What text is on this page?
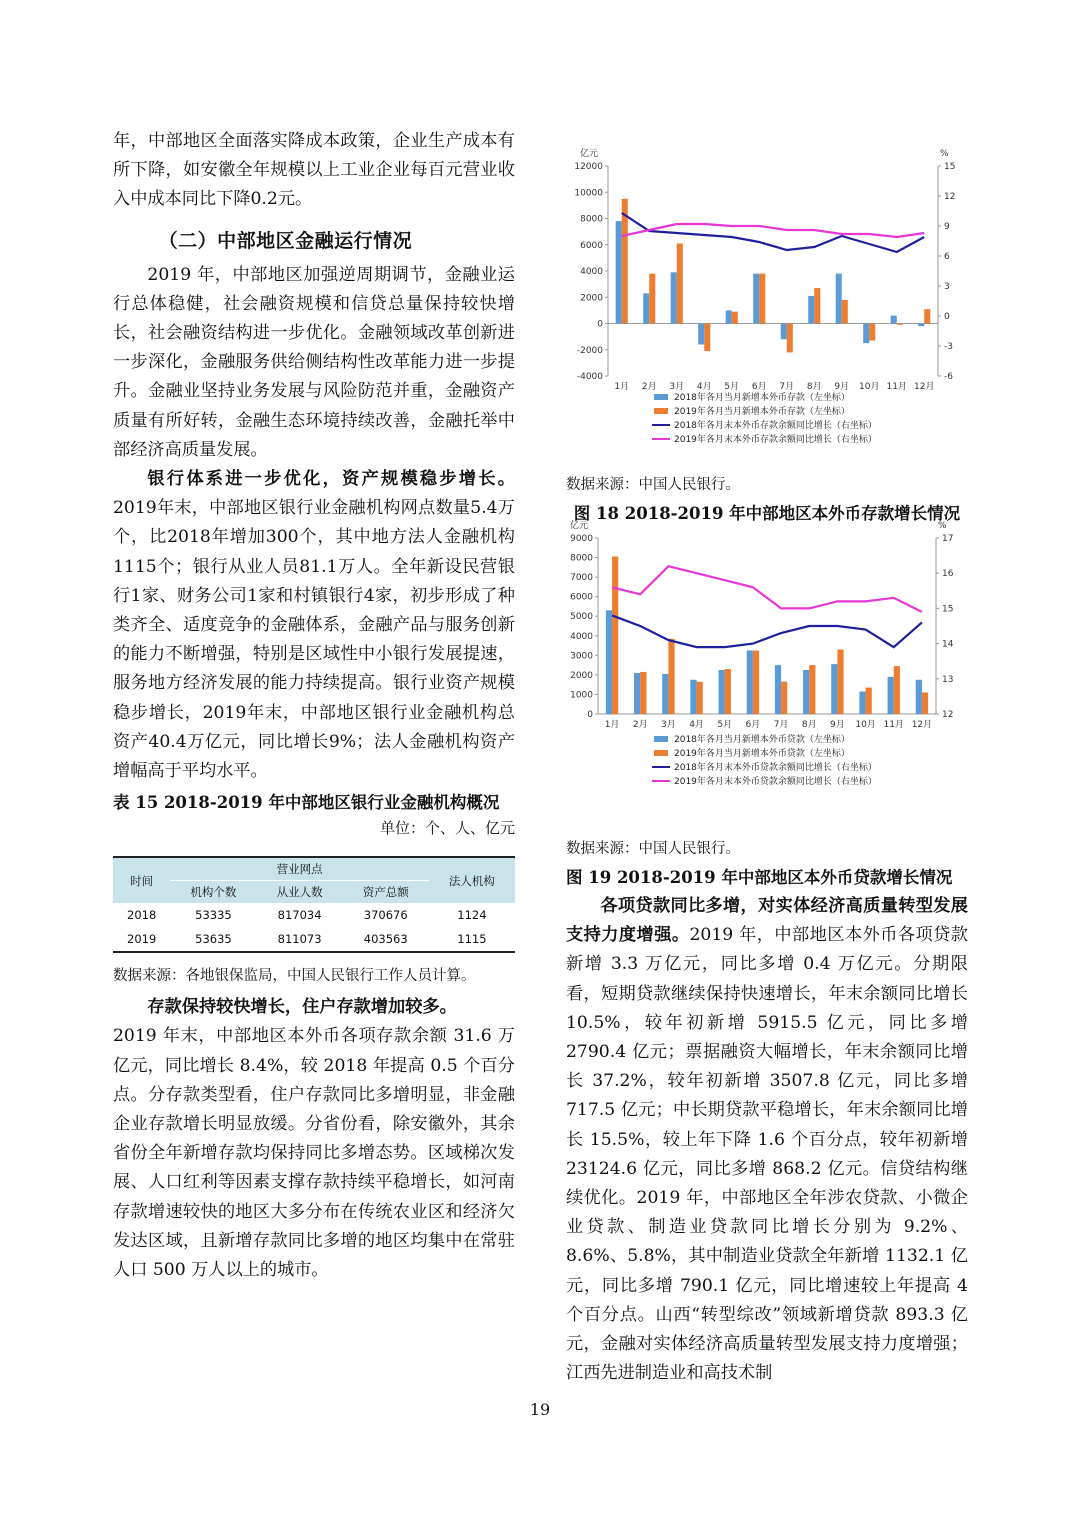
年，中部地区全面落实降成本政策，企业生产成本有所下降，如安徽全年规模以上工业企业每百元营业收入中成本同比下降0.2元。

（二）中部地区金融运行情况

2019 年，中部地区加强逆周期调节，金融业运行总体稳健，社会融资规模和信贷总量保持较快增长，社会融资结构进一步优化。金融领域改革创新进一步深化，金融服务供给侧结构性改革能力进一步提升。金融业坚持业务发展与风险防范并重，金融资产质量有所好转，金融生态环境持续改善，金融托举中部经济高质量发展。

银行体系进一步优化，资产规模稳步增长。2019年末，中部地区银行业金融机构网点数量5.4万个，比2018年增加300个，其中地方法人金融机构1115个；银行从业人员81.1万人。全年新设民营银行1家、财务公司1家和村镇银行4家，初步形成了种类齐全、适度竞争的金融体系，金融产品与服务创新的能力不断增强，特别是区域性中小银行发展提速，服务地方经济发展的能力持续提高。银行业资产规模稳步增长，2019年末，中部地区银行业金融机构总资产40.4万亿元，同比增长9%；法人金融机构资产增幅高于平均水平。

表 15 2018-2019 年中部地区银行业金融机构概况
单位：个、人、亿元
时间	营业网点			法人机构
	机构个数	从业人数	资产总额	
2018	53335	817034	370676	1124
2019	53635	811073	403563	1115
数据来源：各地银保监局，中国人民银行工作人员计算。

存款保持较快增长，住户存款增加较多。
2019 年末，中部地区本外币各项存款余额 31.6 万亿元，同比增长 8.4%，较 2018 年提高 0.5 个百分点。分存款类型看，住户存款同比多增明显，非金融企业存款增长明显放缓。分省份看，除安徽外，其余省份全年新增存款均保持同比多增态势。区域梯次发展、人口红利等因素支撑存款持续平稳增长，如河南存款增速较快的地区大多分布在传统农业区和经济欠发达区域，且新增存款同比多增的地区均集中在常驻人口 500 万人以上的城市。

亿元	%
-4000
-2000
0
2000
4000
6000
8000
10000
12000
-6
-3
0
3
6
9
12
15
1月 2月 3月 4月 5月 6月 7月 8月 9月 10月 11月 12月
2018年各月当月新增本外币存款（左坐标）
2019年各月当月新增本外币存款（左坐标）
2018年各月末本外币存款余额同比增长（右坐标）
2019年各月末本外币存款余额同比增长（右坐标）
数据来源：中国人民银行。
图 18 2018-2019 年中部地区本外币存款增长情况
亿元	%
0
1000
2000
3000
4000
5000
6000
7000
8000
9000
12
13
14
15
16
17
1月 2月 3月 4月 5月 6月 7月 8月 9月 10月 11月 12月
2018年各月当月新增本外币贷款（左坐标）
2019年各月当月新增本外币贷款（左坐标）
2018年各月末本外币贷款余额同比增长（右坐标）
2019年各月末本外币贷款余额同比增长（右坐标）
数据来源：中国人民银行。
图 19 2018-2019 年中部地区本外币贷款增长情况

各项贷款同比多增，对实体经济高质量转型发展支持力度增强。2019 年，中部地区本外币各项贷款新增 3.3 万亿元，同比多增 0.4 万亿元。分期限看，短期贷款继续保持快速增长，年末余额同比增长 10.5%，较年初新增 5915.5 亿元，同比多增 2790.4 亿元；票据融资大幅增长，年末余额同比增长 37.2%，较年初新增 3507.8 亿元，同比多增 717.5 亿元；中长期贷款平稳增长，年末余额同比增长 15.5%，较上年下降 1.6 个百分点，较年初新增 23124.6 亿元，同比多增 868.2 亿元。信贷结构继续优化。2019 年，中部地区全年涉农贷款、小微企业贷款、制造业贷款同比增长分别为 9.2%、8.6%、5.8%，其中制造业贷款全年新增 1132.1 亿元，同比多增 790.1 亿元，同比增速较上年提高 4 个百分点。山西“转型综改”领域新增贷款 893.3 亿元，金融对实体经济高质量转型发展支持力度增强；江西先进制造业和高技术制

19
